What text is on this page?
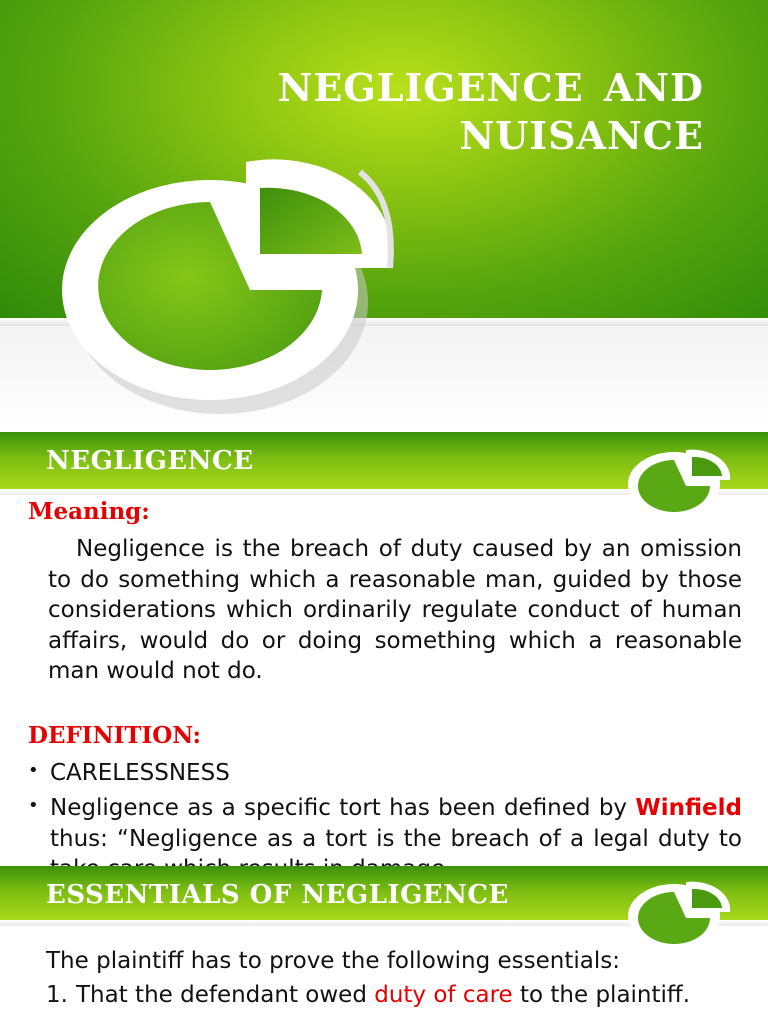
NEGLIGENCE AND
NUISANCE
NEGLIGENCE
Meaning:
Negligence is the breach of duty caused by an omission to do something which a reasonable man, guided by those considerations which ordinarily regulate conduct of human affairs, would do or doing something which a reasonable man would not do.
DEFINITION:
• CARELESSNESS
• Negligence as a specific tort has been defined by Winfield thus: “Negligence as a tort is the breach of a legal duty to
ESSENTIALS OF NEGLIGENCE
The plaintiff has to prove the following essentials:
1. That the defendant owed duty of care to the plaintiff.
